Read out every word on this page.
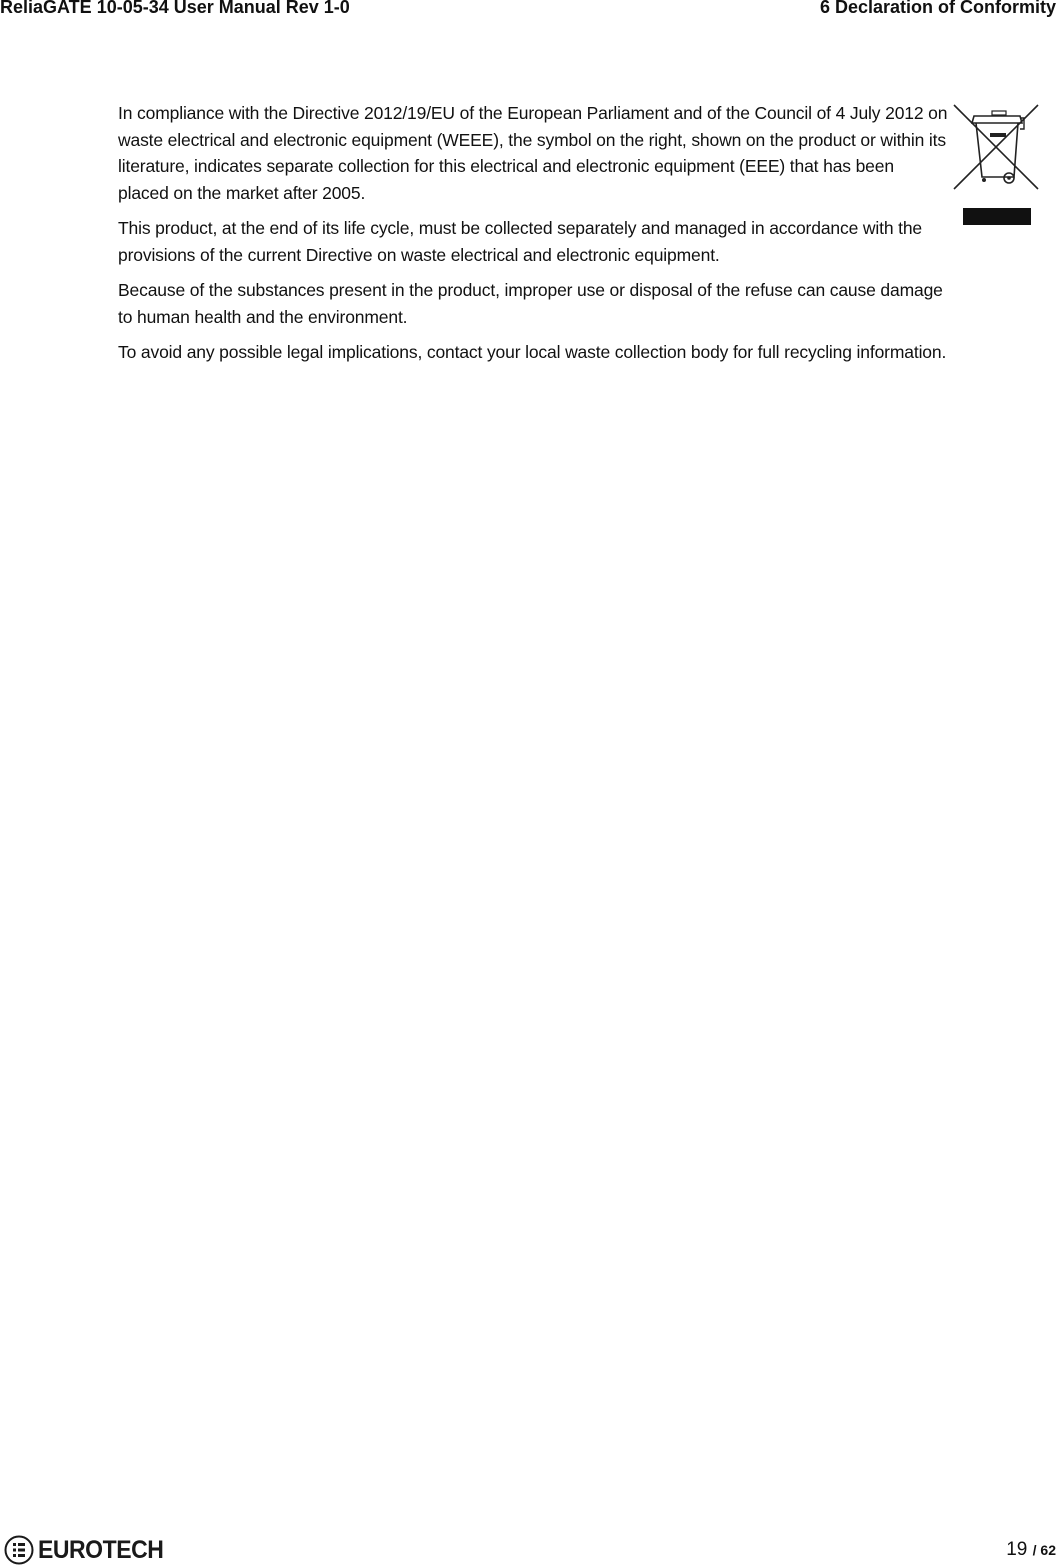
ReliaGATE 10-05-34 User Manual Rev 1-0	6 Declaration of Conformity

In compliance with the Directive 2012/19/EU of the European Parliament and of the Council of 4 July 2012 on waste electrical and electronic equipment (WEEE), the symbol on the right, shown on the product or within its literature, indicates separate collection for this electrical and electronic equipment (EEE) that has been placed on the market after 2005.

This product, at the end of its life cycle, must be collected separately and managed in accordance with the provisions of the current Directive on waste electrical and electronic equipment.

Because of the substances present in the product, improper use or disposal of the refuse can cause damage to human health and the environment.

To avoid any possible legal implications, contact your local waste collection body for full recycling information.

EUROTECH	19 / 62
